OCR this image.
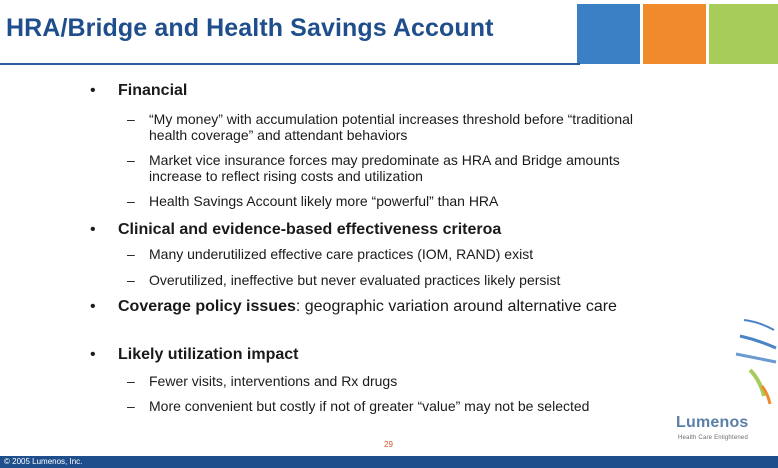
HRA/Bridge and Health Savings Account
• Financial
– “My money” with accumulation potential increases threshold before “traditional health coverage” and attendant behaviors
– Market vice insurance forces may predominate as HRA and Bridge amounts increase to reflect rising costs and utilization
– Health Savings Account likely more “powerful” than HRA
• Clinical and evidence-based effectiveness criteroa
– Many underutilized effective care practices (IOM, RAND) exist
– Overutilized, ineffective but never evaluated practices likely persist
• Coverage policy issues: geographic variation around alternative care
• Likely utilization impact
– Fewer visits, interventions and Rx drugs
– More convenient but costly if not of greater “value” may not be selected
29
Lumenos
Health Care Enlightened
© 2005 Lumenos, Inc.
